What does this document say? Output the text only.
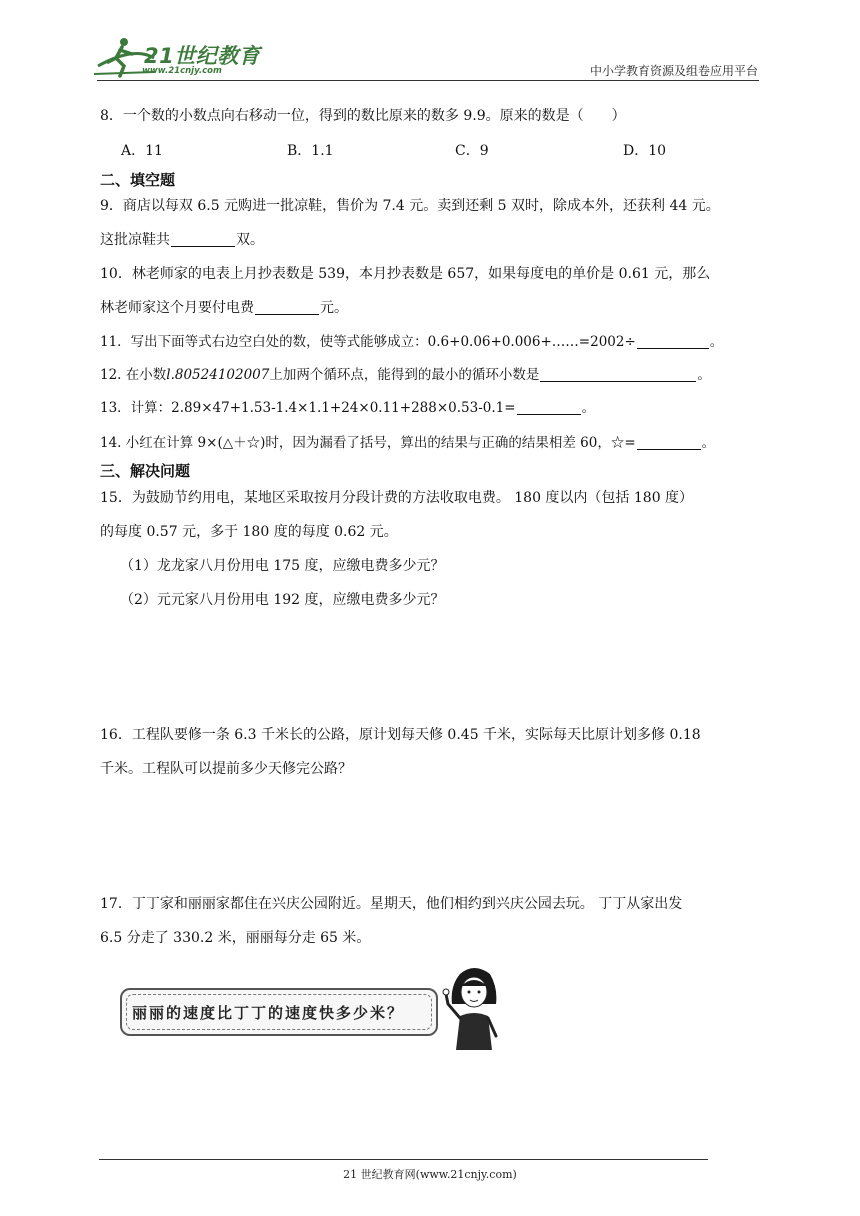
21世纪教育
www.21cnjy.com	中小学教育资源及组卷应用平台
8．一个数的小数点向右移动一位，得到的数比原来的数多 9.9。原来的数是（　　）
A．11	B．1.1	C．9	D．10
二、填空题
9．商店以每双 6.5 元购进一批凉鞋，售价为 7.4 元。卖到还剩 5 双时，除成本外，还获利 44 元。
这批凉鞋共	双。
10．林老师家的电表上月抄表数是 539，本月抄表数是 657，如果每度电的单价是 0.61 元，那么
林老师家这个月要付电费	元。
11．写出下面等式右边空白处的数，使等式能够成立：0.6+0.06+0.006+……=2002÷	。
12. 在小数l.80524102007上加两个循环点，能得到的最小的循环小数是	。
13．计算：2.89×47+1.53-1.4×1.1+24×0.11+288×0.53-0.1=	。
14. 小红在计算 9×(△＋☆)时，因为漏看了括号，算出的结果与正确的结果相差 60，☆=	。
三、解决问题
15．为鼓励节约用电，某地区采取按月分段计费的方法收取电费。 180 度以内（包括 180 度）
的每度 0.57 元，多于 180 度的每度 0.62 元。
（1）龙龙家八月份用电 175 度，应缴电费多少元？
（2）元元家八月份用电 192 度，应缴电费多少元？
16．工程队要修一条 6.3 千米长的公路，原计划每天修 0.45 千米，实际每天比原计划多修 0.18
千米。工程队可以提前多少天修完公路？
17．丁丁家和丽丽家都住在兴庆公园附近。星期天，他们相约到兴庆公园去玩。 丁丁从家出发
6.5 分走了 330.2 米，丽丽每分走 65 米。
丽丽的速度比丁丁的速度快多少米？
21 世纪教育网(www.21cnjy.com)
